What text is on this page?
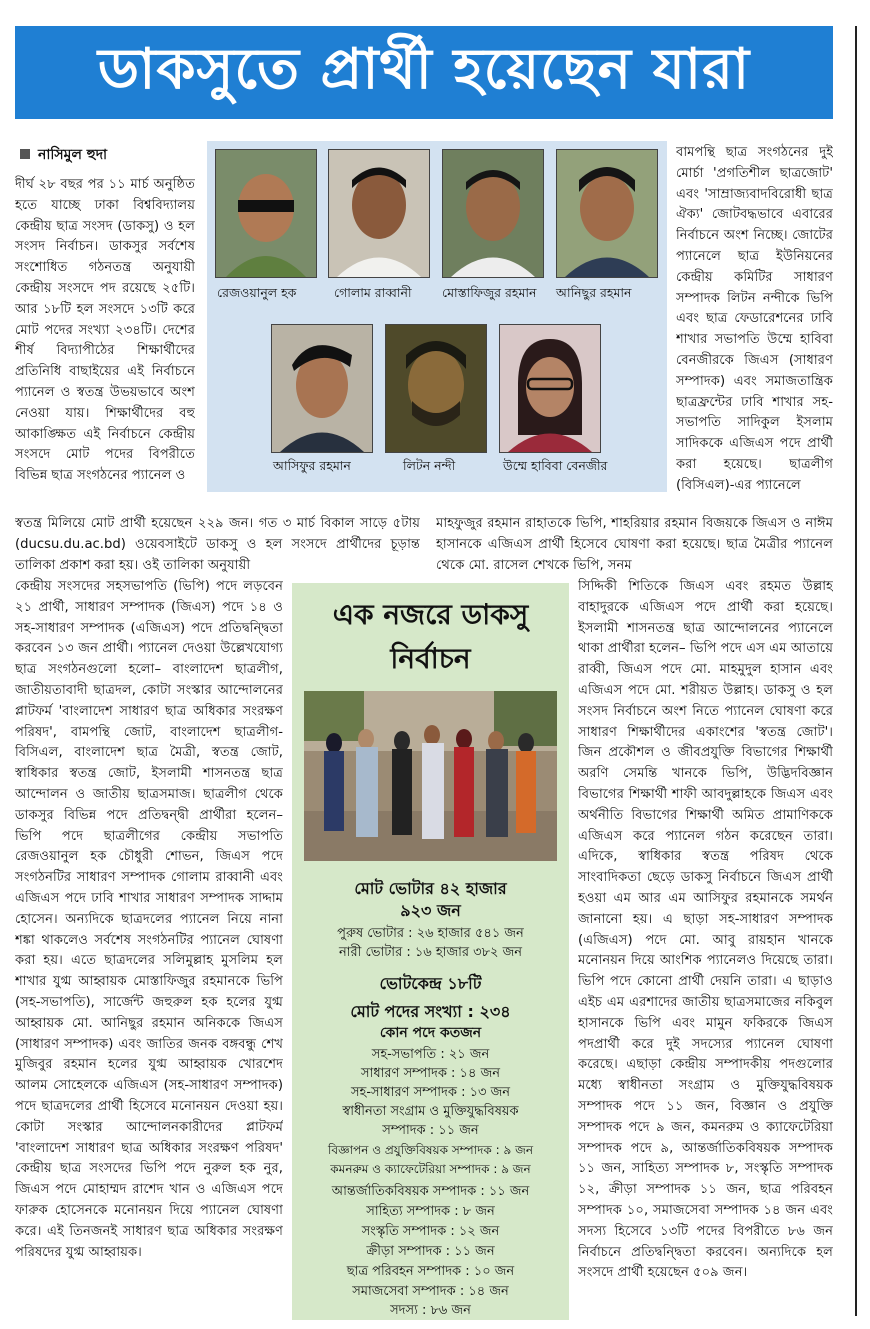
ডাকসুতে প্রার্থী হয়েছেন যারা
নাসিমুল হুদা

দীর্ঘ ২৮ বছর পর ১১ মার্চ অনুষ্ঠিত হতে যাচ্ছে ঢাকা বিশ্ববিদ্যালয় কেন্দ্রীয় ছাত্র সংসদ (ডাকসু) ও হল সংসদ নির্বাচন। ডাকসুর সর্বশেষ সংশোধিত গঠনতন্ত্র অনুযায়ী কেন্দ্রীয় সংসদে পদ রয়েছে ২৫টি। আর ১৮টি হল সংসদে ১৩টি করে মোট পদের সংখ্যা ২৩৪টি। দেশের শীর্ষ বিদ্যাপীঠের শিক্ষার্থীদের প্রতিনিধি বাছাইয়ের এই নির্বাচনে প্যানেল ও স্বতন্ত্র উভয়ভাবে অংশ নেওয়া যায়। শিক্ষার্থীদের বহু আকাঙ্ক্ষিত এই নির্বাচনে কেন্দ্রীয় সংসদে মোট পদের বিপরীতে বিভিন্ন ছাত্র সংগঠনের প্যানেল ও

রেজওয়ানুল হক	গোলাম রাব্বানী মোস্তাফিজুর রহমান আনিছুর রহমান
আসিফুর রহমান	লিটন নন্দী	উম্মে হাবিবা বেনজীর

বামপন্থি ছাত্র সংগঠনের দুই মোর্চা 'প্রগতিশীল ছাত্রজোট' এবং 'সাম্রাজ্যবাদবিরোধী ছাত্র ঐক্য' জোটবদ্ধভাবে এবারের নির্বাচনে অংশ নিচ্ছে। জোটের প্যানেলে ছাত্র ইউনিয়নের কেন্দ্রীয় কমিটির সাধারণ সম্পাদক লিটন নন্দীকে ভিপি এবং ছাত্র ফেডারেশনের ঢাবি শাখার সভাপতি উম্মে হাবিবা বেনজীরকে জিএস (সাধারণ সম্পাদক) এবং সমাজতান্ত্রিক ছাত্রফ্রন্টের ঢাবি শাখার সহ-সভাপতি সাদিকুল ইসলাম সাদিককে এজিএস পদে প্রার্থী করা হয়েছে। ছাত্রলীগ (বিসিএল)-এর প্যানেলে

স্বতন্ত্র মিলিয়ে মোট প্রার্থী হয়েছেন ২২৯ জন। গত ৩ মার্চ বিকাল সাড়ে ৫টায় (ducsu.du.ac.bd) ওয়েবসাইটে ডাকসু ও হল সংসদে প্রার্থীদের চূড়ান্ত তালিকা প্রকাশ করা হয়। ওই তালিকা অনুযায়ী

মাহফুজুর রহমান রাহাতকে ভিপি, শাহরিয়ার রহমান বিজয়কে জিএস ও নাঈম হাসানকে এজিএস প্রার্থী হিসেবে ঘোষণা করা হয়েছে। ছাত্র মৈত্রীর প্যানেল থেকে মো. রাসেল শেখকে ভিপি, সনম

কেন্দ্রীয় সংসদের সহসভাপতি (ভিপি) পদে লড়বেন ২১ প্রার্থী, সাধারণ সম্পাদক (জিএস) পদে ১৪ ও সহ-সাধারণ সম্পাদক (এজিএস) পদে প্রতিদ্বন্দ্বিতা করবেন ১৩ জন প্রার্থী। প্যানেল দেওয়া উল্লেখযোগ্য ছাত্র সংগঠনগুলো হলো– বাংলাদেশ ছাত্রলীগ, জাতীয়তাবাদী ছাত্রদল, কোটা সংস্কার আন্দোলনের প্লাটফর্ম 'বাংলাদেশ সাধারণ ছাত্র অধিকার সংরক্ষণ পরিষদ', বামপন্থি জোট, বাংলাদেশ ছাত্রলীগ-বিসিএল, বাংলাদেশ ছাত্র মৈত্রী, স্বতন্ত্র জোট, স্বাধিকার স্বতন্ত্র জোট, ইসলামী শাসনতন্ত্র ছাত্র আন্দোলন ও জাতীয় ছাত্রসমাজ। ছাত্রলীগ থেকে ডাকসুর বিভিন্ন পদে প্রতিদ্বন্দ্বী প্রার্থীরা হলেন– ভিপি পদে ছাত্রলীগের কেন্দ্রীয় সভাপতি রেজওয়ানুল হক চৌধুরী শোভন, জিএস পদে সংগঠনটির সাধারণ সম্পাদক গোলাম রাব্বানী এবং এজিএস পদে ঢাবি শাখার সাধারণ সম্পাদক সাদ্দাম হোসেন। অন্যদিকে ছাত্রদলের প্যানেল নিয়ে নানা শঙ্কা থাকলেও সর্বশেষ সংগঠনটির প্যানেল ঘোষণা করা হয়। এতে ছাত্রদলের সলিমুল্লাহ মুসলিম হল শাখার যুগ্ম আহ্বায়ক মোস্তাফিজুর রহমানকে ভিপি (সহ-সভাপতি), সার্জেন্ট জহুরুল হক হলের যুগ্ম আহ্বায়ক মো. আনিছুর রহমান অনিককে জিএস (সাধারণ সম্পাদক) এবং জাতির জনক বঙ্গবন্ধু শেখ মুজিবুর রহমান হলের যুগ্ম আহ্বায়ক খোরশেদ আলম সোহেলকে এজিএস (সহ-সাধারণ সম্পাদক) পদে ছাত্রদলের প্রার্থী হিসেবে মনোনয়ন দেওয়া হয়। কোটা সংস্কার আন্দোলনকারীদের প্লাটফর্ম 'বাংলাদেশ সাধারণ ছাত্র অধিকার সংরক্ষণ পরিষদ' কেন্দ্রীয় ছাত্র সংসদের ভিপি পদে নুরুল হক নুর, জিএস পদে মোহাম্মদ রাশেদ খান ও এজিএস পদে ফারুক হোসেনকে মনোনয়ন দিয়ে প্যানেল ঘোষণা করে। এই তিনজনই সাধারণ ছাত্র অধিকার সংরক্ষণ পরিষদের যুগ্ম আহ্বায়ক।

সিদ্দিকী শিতিকে জিএস এবং রহমত উল্লাহ বাহাদুরকে এজিএস পদে প্রার্থী করা হয়েছে। ইসলামী শাসনতন্ত্র ছাত্র আন্দোলনের প্যানেলে থাকা প্রার্থীরা হলেন– ভিপি পদে এস এম আতায়ে রাব্বী, জিএস পদে মো. মাহমুদুল হাসান এবং এজিএস পদে মো. শরীয়ত উল্লাহ। ডাকসু ও হল সংসদ নির্বাচনে অংশ নিতে প্যানেল ঘোষণা করে সাধারণ শিক্ষার্থীদের একাংশের 'স্বতন্ত্র জোট'। জিন প্রকৌশল ও জীবপ্রযুক্তি বিভাগের শিক্ষার্থী অরণি সেমন্তি খানকে ভিপি, উদ্ভিদবিজ্ঞান বিভাগের শিক্ষার্থী শাফী আবদুল্লাহকে জিএস এবং অর্থনীতি বিভাগের শিক্ষার্থী অমিত প্রামাণিককে এজিএস করে প্যানেল গঠন করেছেন তারা। এদিকে, স্বাধিকার স্বতন্ত্র পরিষদ থেকে সাংবাদিকতা ছেড়ে ডাকসু নির্বাচনে জিএস প্রার্থী হওয়া এম আর এম আসিফুর রহমানকে সমর্থন জানানো হয়। এ ছাড়া সহ-সাধারণ সম্পাদক (এজিএস) পদে মো. আবু রায়হান খানকে মনোনয়ন দিয়ে আংশিক প্যানেলও দিয়েছে তারা। ভিপি পদে কোনো প্রার্থী দেয়নি তারা। এ ছাড়াও এইচ এম এরশাদের জাতীয় ছাত্রসমাজের নকিবুল হাসানকে ভিপি এবং মামুন ফকিরকে জিএস পদপ্রার্থী করে দুই সদস্যের প্যানেল ঘোষণা করেছে। এছাড়া কেন্দ্রীয় সম্পাদকীয় পদগুলোর মধ্যে স্বাধীনতা সংগ্রাম ও মুক্তিযুদ্ধবিষয়ক সম্পাদক পদে ১১ জন, বিজ্ঞান ও প্রযুক্তি সম্পাদক পদে ৯ জন, কমনরুম ও ক্যাফেটেরিয়া সম্পাদক পদে ৯, আন্তর্জাতিকবিষয়ক সম্পাদক ১১ জন, সাহিত্য সম্পাদক ৮, সংস্কৃতি সম্পাদক ১২, ক্রীড়া সম্পাদক ১১ জন, ছাত্র পরিবহন সম্পাদক ১০, সমাজসেবা সম্পাদক ১৪ জন এবং সদস্য হিসেবে ১৩টি পদের বিপরীতে ৮৬ জন নির্বাচনে প্রতিদ্বন্দ্বিতা করবেন। অন্যদিকে হল সংসদে প্রার্থী হয়েছেন ৫০৯ জন।

এক নজরে ডাকসু
নির্বাচন
মোট ভোটার ৪২ হাজার
৯২৩ জন
পুরুষ ভোটার : ২৬ হাজার ৫৪১ জন
নারী ভোটার : ১৬ হাজার ৩৮২ জন
ভোটকেন্দ্র ১৮টি
মোট পদের সংখ্যা : ২৩৪
কোন পদে কতজন
সহ-সভাপতি : ২১ জন
সাধারণ সম্পাদক : ১৪ জন
সহ-সাধারণ সম্পাদক : ১৩ জন
স্বাধীনতা সংগ্রাম ও মুক্তিযুদ্ধবিষয়ক
সম্পাদক : ১১ জন
বিজ্ঞাপন ও প্রযুক্তিবিষয়ক সম্পাদক : ৯ জন
কমনরুম ও ক্যাফেটেরিয়া সম্পাদক : ৯ জন
আন্তর্জাতিকবিষয়ক সম্পাদক : ১১ জন
সাহিত্য সম্পাদক : ৮ জন
সংস্কৃতি সম্পাদক : ১২ জন
ক্রীড়া সম্পাদক : ১১ জন
ছাত্র পরিবহন সম্পাদক : ১০ জন
সমাজসেবা সম্পাদক : ১৪ জন
সদস্য : ৮৬ জন
